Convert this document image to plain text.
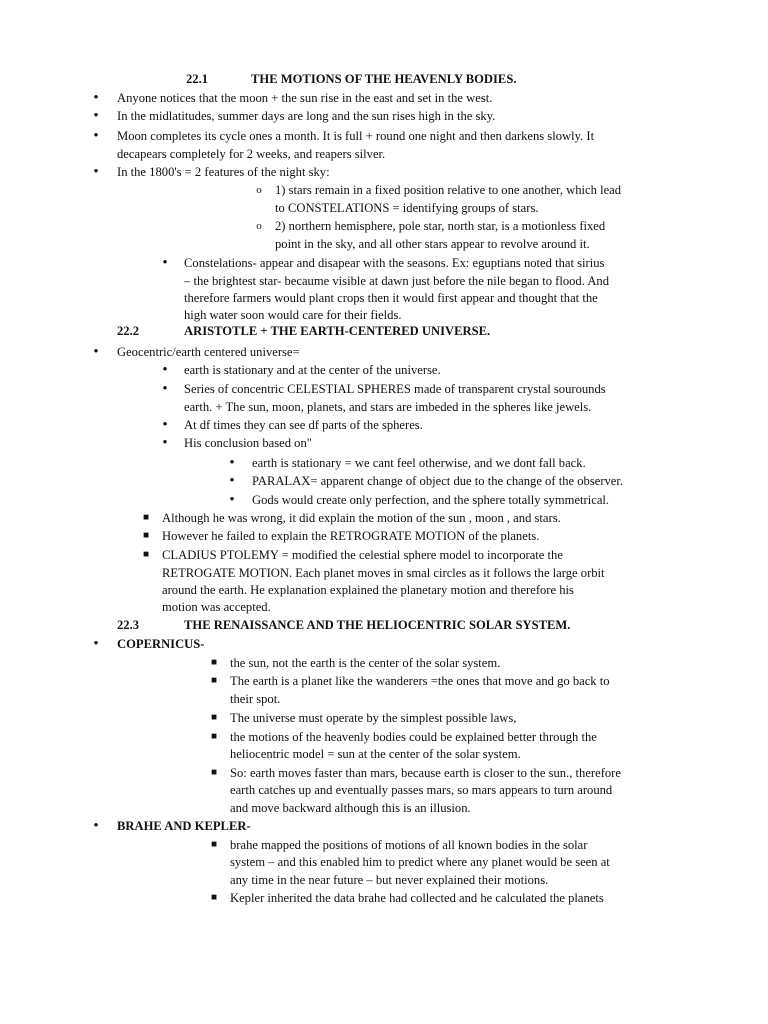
22.1	THE MOTIONS OF THE HEAVENLY BODIES.
• Anyone notices that the moon + the sun rise in the east and set in the west.
• In the midlatitudes, summer days are long and the sun rises high in the sky.
• Moon completes its cycle ones a month. It is full + round one night and then darkens slowly. It
decapears completely for 2 weeks, and reapers silver.
• In the 1800's = 2 features of the night sky:
o 1) stars remain in a fixed position relative to one another, which lead
to CONSTELATIONS = identifying groups of stars.
o 2) northern hemisphere, pole star, north star, is a motionless fixed
point in the sky, and all other stars appear to revolve around it.
• Constelations- appear and disapear with the seasons. Ex: eguptians noted that sirius
– the brightest star- becaume visible at dawn just before the nile began to flood. And
therefore farmers would plant crops then it would first appear and thought that the
high water soon would care for their fields.
22.2	ARISTOTLE + THE EARTH-CENTERED UNIVERSE.
• Geocentric/earth centered universe=
• earth is stationary and at the center of the universe.
• Series of concentric CELESTIAL SPHERES made of transparent crystal sourounds
earth. + The sun, moon, planets, and stars are imbeded in the spheres like jewels.
• At df times they can see df parts of the spheres.
• His conclusion based on"
• earth is stationary = we cant feel otherwise, and we dont fall back.
• PARALAX= apparent change of object due to the change of the observer.
• Gods would create only perfection, and the sphere totally symmetrical.
■ Although he was wrong, it did explain the motion of the sun , moon , and stars.
■ However he failed to explain the RETROGRATE MOTION of the planets.
■ CLADIUS PTOLEMY = modified the celestial sphere model to incorporate the
RETROGATE MOTION. Each planet moves in smal circles as it follows the large orbit
around the earth. He explanation explained the planetary motion and therefore his
motion was accepted.
22.3	THE RENAISSANCE AND THE HELIOCENTRIC SOLAR SYSTEM.
• COPERNICUS-
■ the sun, not the earth is the center of the solar system.
■ The earth is a planet like the wanderers =the ones that move and go back to
their spot.
■ The universe must operate by the simplest possible laws,
■ the motions of the heavenly bodies could be explained better through the
heliocentric model = sun at the center of the solar system.
■ So: earth moves faster than mars, because earth is closer to the sun., therefore
earth catches up and eventually passes mars, so mars appears to turn around
and move backward although this is an illusion.
• BRAHE AND KEPLER-
■ brahe mapped the positions of motions of all known bodies in the solar
system – and this enabled him to predict where any planet would be seen at
any time in the near future – but never explained their motions.
■ Kepler inherited the data brahe had collected and he calculated the planets
